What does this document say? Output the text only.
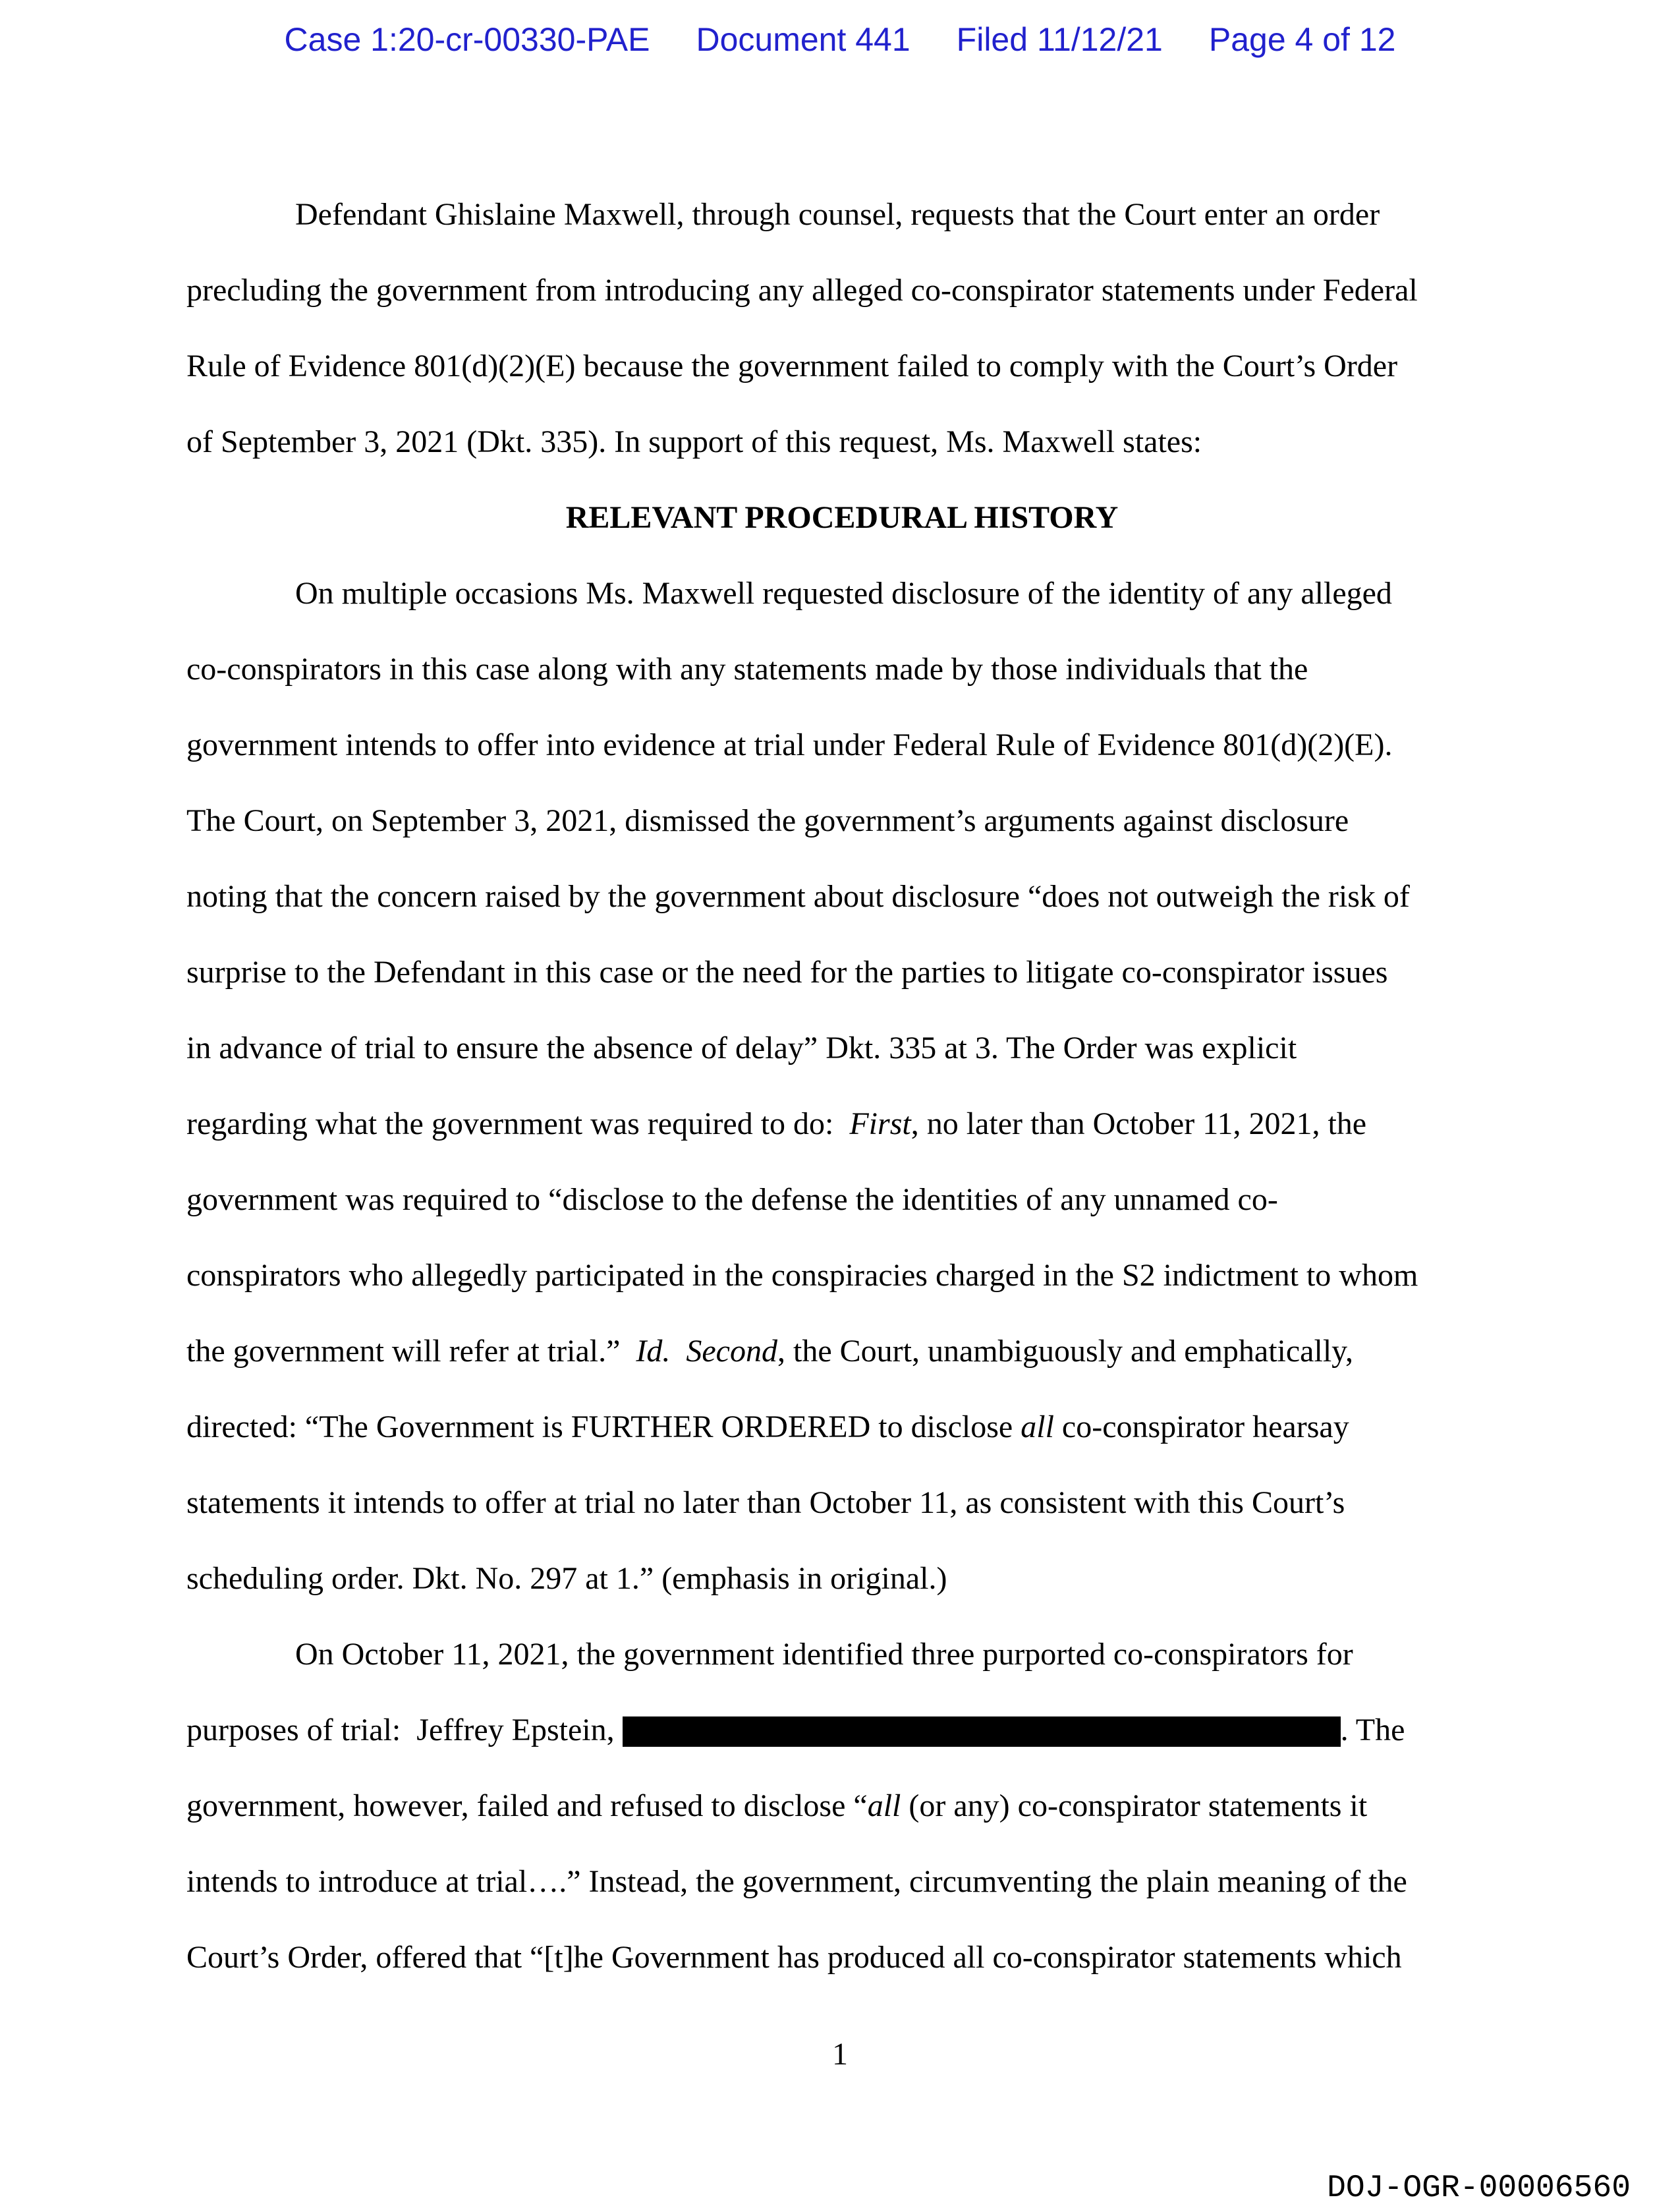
Case 1:20-cr-00330-PAE Document 441 Filed 11/12/21 Page 4 of 12
Defendant Ghislaine Maxwell, through counsel, requests that the Court enter an order
precluding the government from introducing any alleged co-conspirator statements under Federal
Rule of Evidence 801(d)(2)(E) because the government failed to comply with the Court’s Order
of September 3, 2021 (Dkt. 335). In support of this request, Ms. Maxwell states:
RELEVANT PROCEDURAL HISTORY
On multiple occasions Ms. Maxwell requested disclosure of the identity of any alleged
co-conspirators in this case along with any statements made by those individuals that the
government intends to offer into evidence at trial under Federal Rule of Evidence 801(d)(2)(E).
The Court, on September 3, 2021, dismissed the government’s arguments against disclosure
noting that the concern raised by the government about disclosure “does not outweigh the risk of
surprise to the Defendant in this case or the need for the parties to litigate co-conspirator issues
in advance of trial to ensure the absence of delay” Dkt. 335 at 3. The Order was explicit
regarding what the government was required to do:  First, no later than October 11, 2021, the
government was required to “disclose to the defense the identities of any unnamed co-
conspirators who allegedly participated in the conspiracies charged in the S2 indictment to whom
the government will refer at trial.”  Id. Second, the Court, unambiguously and emphatically,
directed: “The Government is FURTHER ORDERED to disclose all co-conspirator hearsay
statements it intends to offer at trial no later than October 11, as consistent with this Court’s
scheduling order. Dkt. No. 297 at 1.” (emphasis in original.)
On October 11, 2021, the government identified three purported co-conspirators for
purposes of trial:  Jeffrey Epstein,	. The
government, however, failed and refused to disclose “all (or any) co-conspirator statements it
intends to introduce at trial….” Instead, the government, circumventing the plain meaning of the
Court’s Order, offered that “[t]he Government has produced all co-conspirator statements which
1
DOJ-OGR-00006560
